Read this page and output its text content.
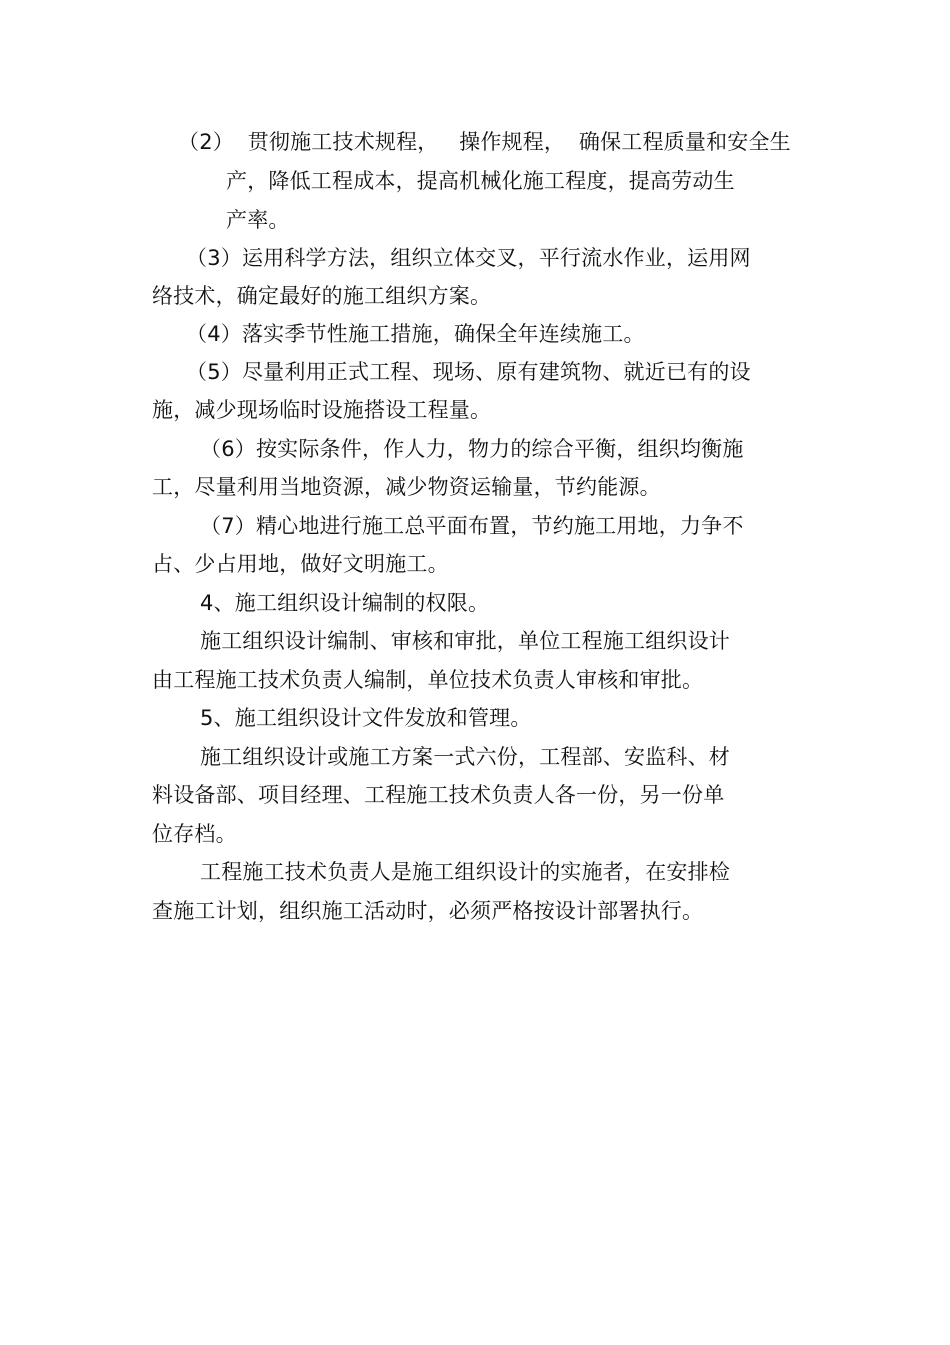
（2）  贯彻施工技术规程，   操作规程，  确保工程质量和安全生
产，降低工程成本，提高机械化施工程度，提高劳动生
产率。
（3）运用科学方法，组织立体交叉，平行流水作业，运用网
络技术，确定最好的施工组织方案。
（4）落实季节性施工措施，确保全年连续施工。
（5）尽量利用正式工程、现场、原有建筑物、就近已有的设
施，减少现场临时设施搭设工程量。
（6）按实际条件，作人力，物力的综合平衡，组织均衡施
工，尽量利用当地资源，减少物资运输量，节约能源。
（7）精心地进行施工总平面布置，节约施工用地，力争不
占、少占用地，做好文明施工。
4、施工组织设计编制的权限。
施工组织设计编制、审核和审批，单位工程施工组织设计
由工程施工技术负责人编制，单位技术负责人审核和审批。
5、施工组织设计文件发放和管理。
施工组织设计或施工方案一式六份，工程部、安监科、材
料设备部、项目经理、工程施工技术负责人各一份，另一份单
位存档。
工程施工技术负责人是施工组织设计的实施者，在安排检
查施工计划，组织施工活动时，必须严格按设计部署执行。
